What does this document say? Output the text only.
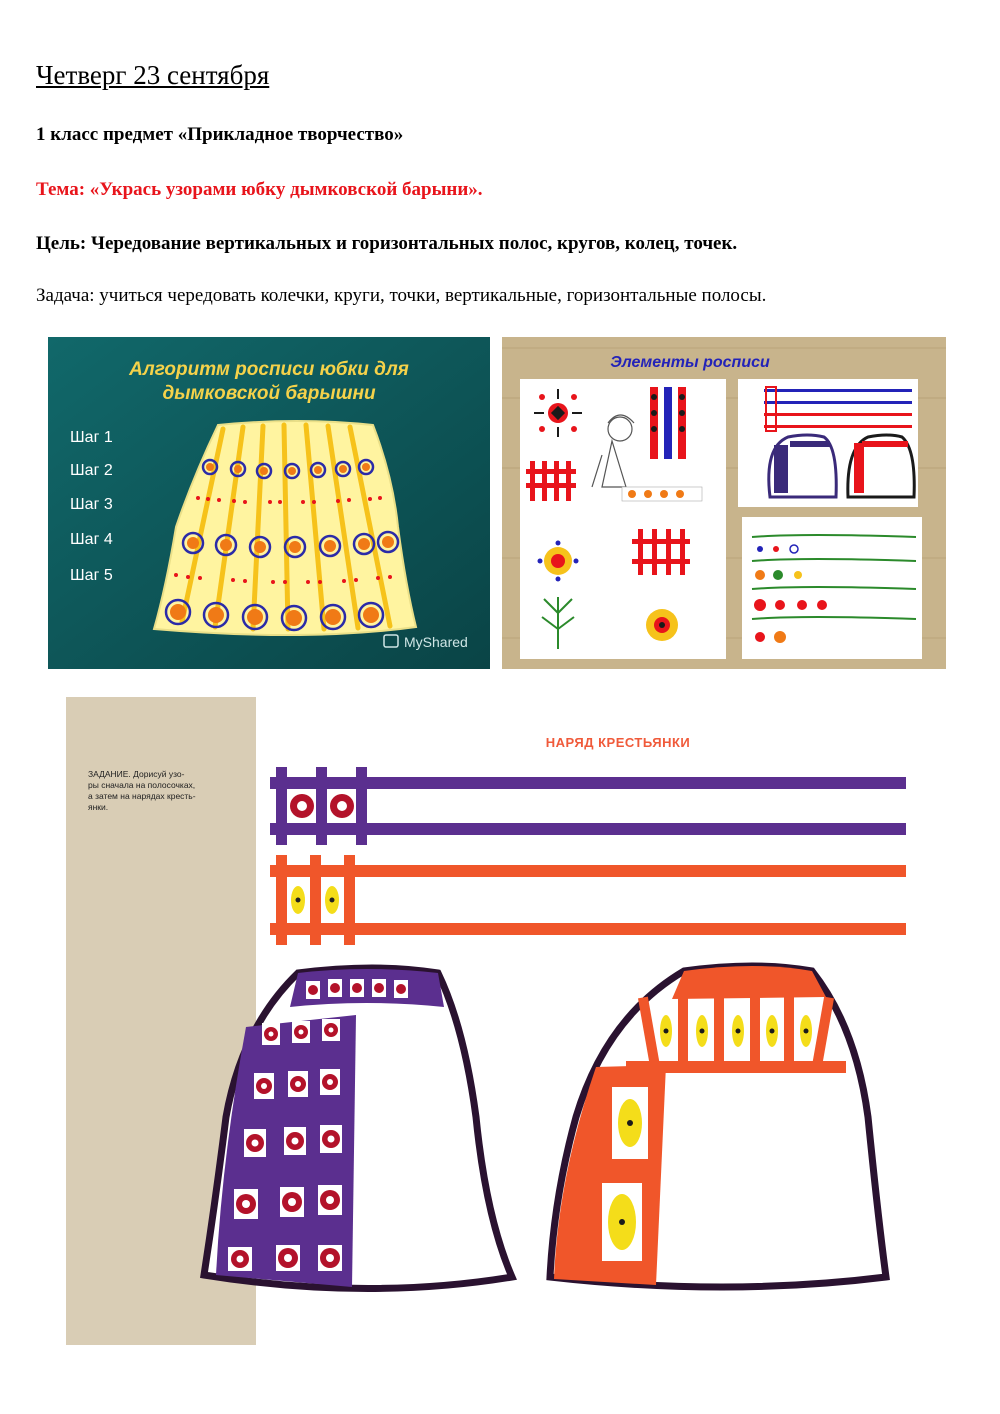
Четверг 23 сентября
1 класс предмет «Прикладное творчество»
Тема: «Укрась узорами юбку дымковской барыни».
Цель: Чередование вертикальных и горизонтальных полос, кругов, колец, точек.
Задача: учиться чередовать колечки, круги, точки, вертикальные, горизонтальные полосы.
Алгоритм росписи юбки для
дымковской барышни
Шаг 1
Шаг 2
Шаг 3
Шаг 4
Шаг 5
MyShared
Элементы росписи
НАРЯД КРЕСТЬЯНКИ
ЗАДАНИЕ. Дорисуй узо-
ры сначала на полосочках,
а затем на нарядах кресть-
янки.
